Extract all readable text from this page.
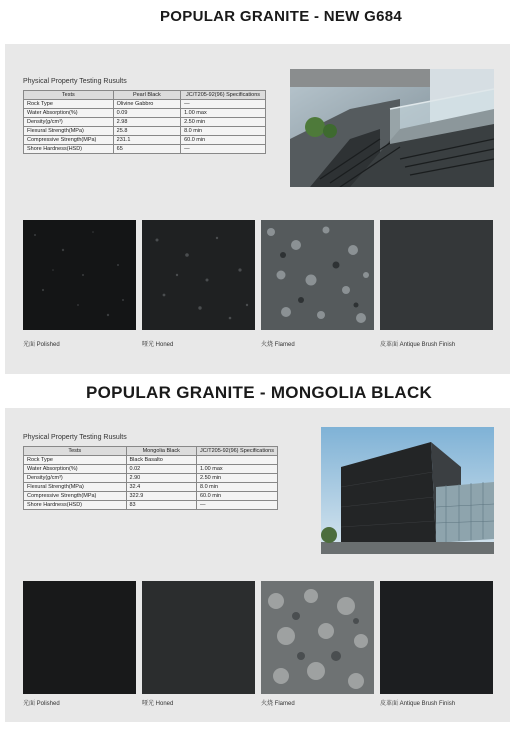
POPULAR GRANITE - NEW G684
Physical Property Testing Rusults
Tests	Pearl Black	JC/T205-92(96) Specifications
Rock Type	Olivine Gabbro	—
Water Absorption(%)	0.09	1.00 max
Density(g/cm³)	2.98	2.50 min
Flexural Strength(MPa)	25.8	8.0 min
Compressive Strength(MPa)	231.1	60.0 min
Shore Hardness(HSD)	65	—
光面 Polished	哑光 Honed	火烧 Flamed	皮革面 Antique Brush Finish
POPULAR GRANITE - MONGOLIA BLACK
Physical Property Testing Rusults
Tests	Mongolia Black	JC/T205-92(96) Specifications
Rock Type	Black Basalto	
Water Absorption(%)	0.02	1.00 max
Density(g/cm³)	2.90	2.50 min
Flexural Strength(MPa)	32.4	8.0 min
Compressive Strength(MPa)	322.9	60.0 min
Shore Hardness(HSD)	83	—
光面 Polished	哑光 Honed	火烧 Flamed	皮革面 Antique Brush Finish
